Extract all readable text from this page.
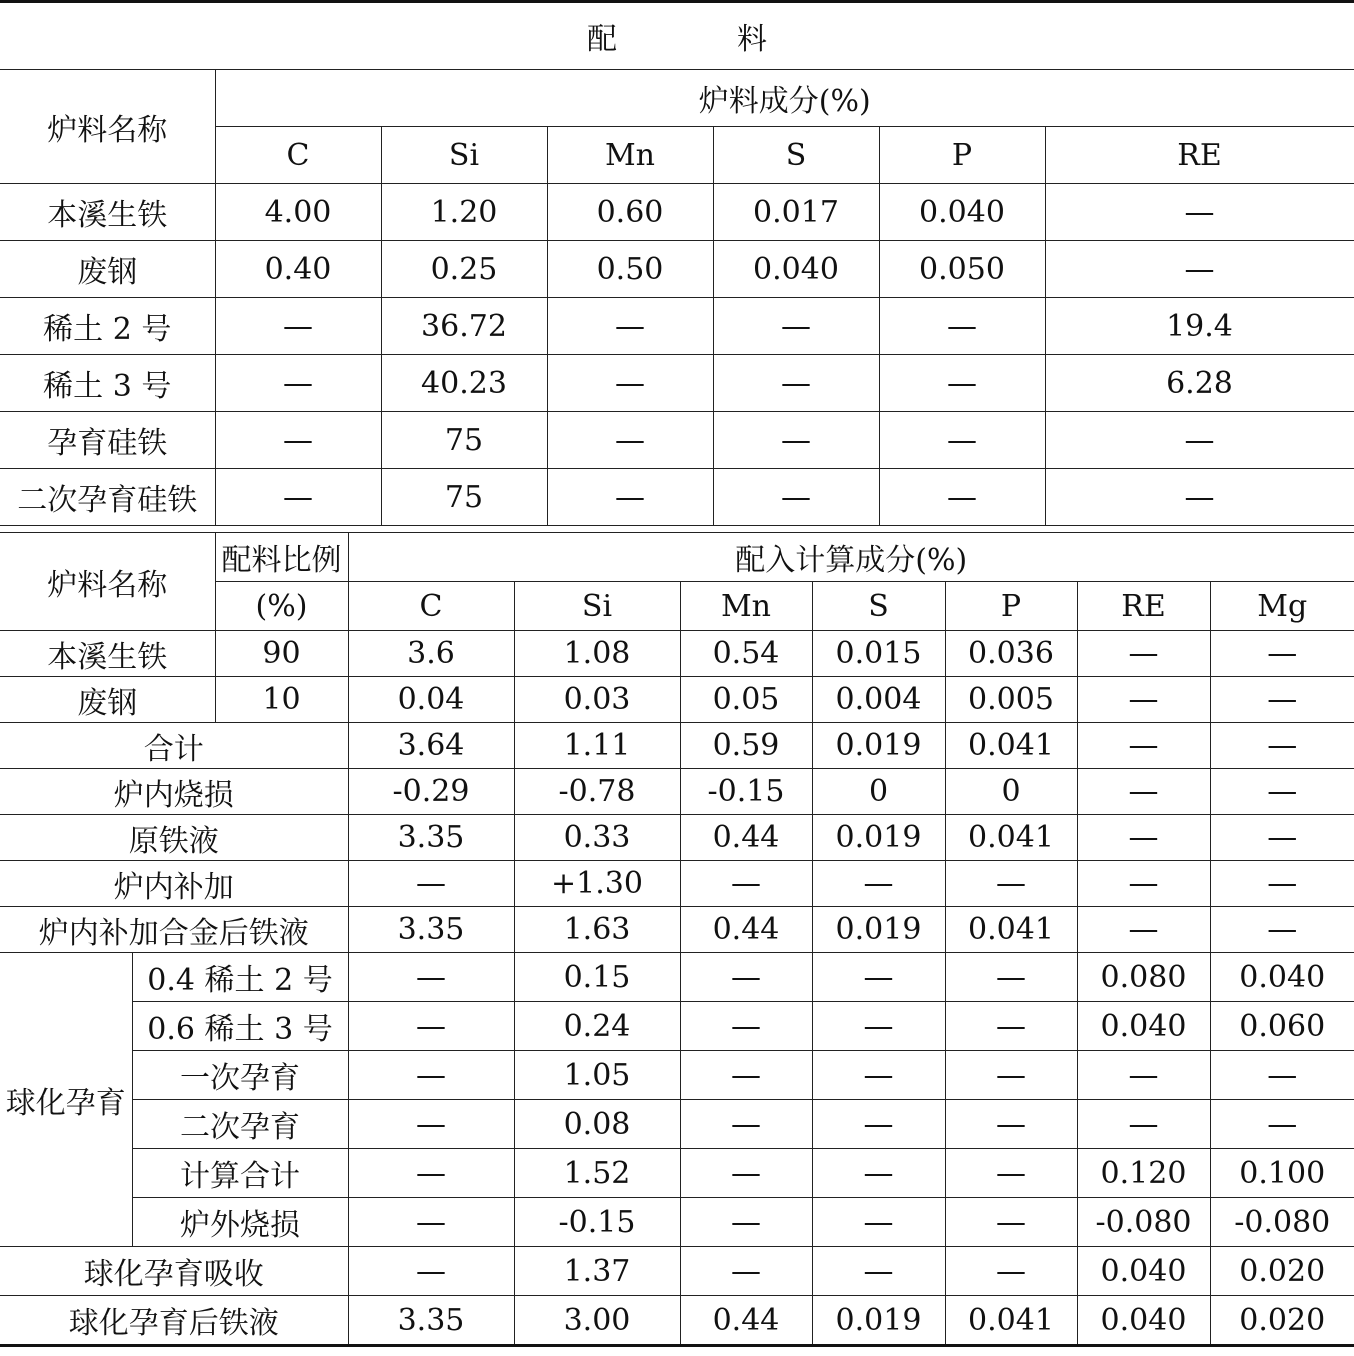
配 料							
炉料名称	炉料成分(%)						
	C	Si	Mn	S	P	RE	
本溪生铁	4.00	1.20	0.60	0.017	0.040	—	
废钢	0.40	0.25	0.50	0.040	0.050	—	
稀土 2 号	—	36.72	—	—	—	19.4	
稀土 3 号	—	40.23	—	—	—	6.28	
孕育硅铁	—	75	—	—	—	—	
二次孕育硅铁	—	75	—	—	—	—	
炉料名称		配料比例	配入计算成分(%)						
		(%)	C	Si	Mn	S	P	RE	Mg
本溪生铁		90	3.6	1.08	0.54	0.015	0.036	—	—
废钢		10	0.04	0.03	0.05	0.004	0.005	—	—
合计			3.64	1.11	0.59	0.019	0.041	—	—
炉内烧损			-0.29	-0.78	-0.15	0	0	—	—
原铁液			3.35	0.33	0.44	0.019	0.041	—	—
炉内补加			—	+1.30	—	—	—	—	—
炉内补加合金后铁液			3.35	1.63	0.44	0.019	0.041	—	—
球化孕育	0.4 稀土 2 号		—	0.15	—	—	—	0.080	0.040
	0.6 稀土 3 号		—	0.24	—	—	—	0.040	0.060
	一次孕育		—	1.05	—	—	—	—	—
	二次孕育		—	0.08	—	—	—	—	—
	计算合计		—	1.52	—	—	—	0.120	0.100
	炉外烧损		—	-0.15	—	—	—	-0.080	-0.080
球化孕育吸收			—	1.37	—	—	—	0.040	0.020
球化孕育后铁液			3.35	3.00	0.44	0.019	0.041	0.040	0.020
